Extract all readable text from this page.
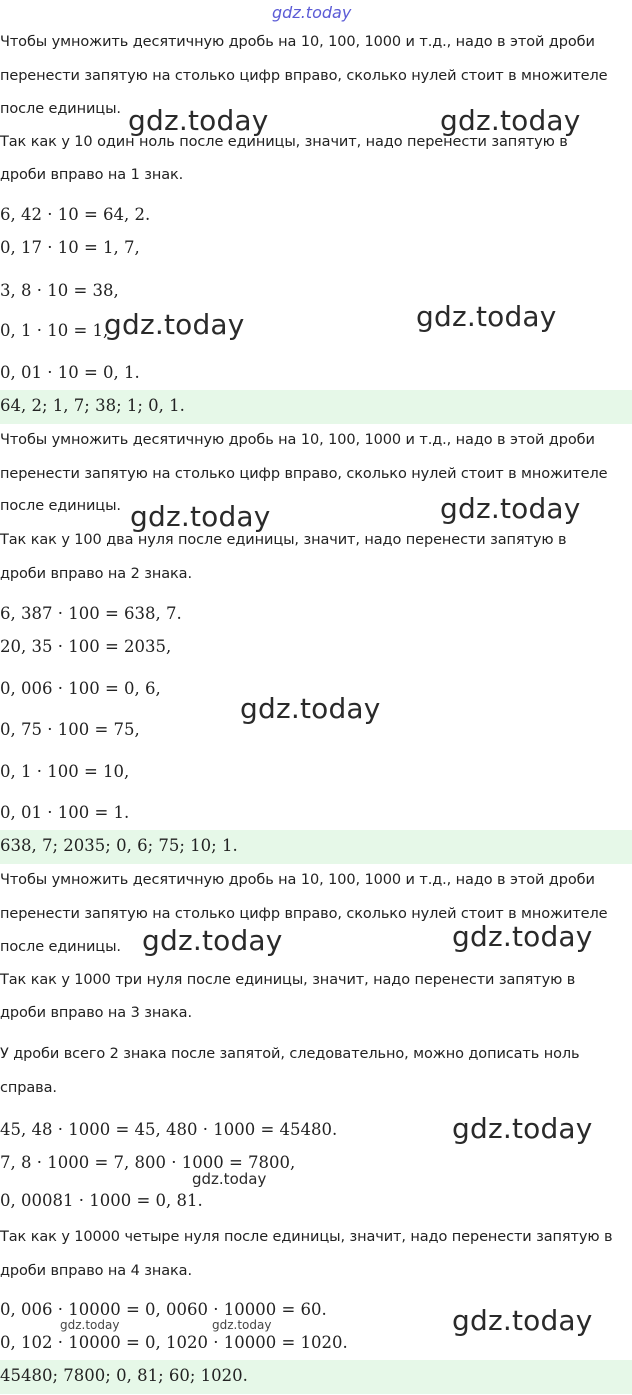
gdz.today
Чтобы умножить десятичную дробь на 10, 100, 1000 и т.д., надо в этой дроби
перенести запятую на столько цифр вправо, сколько нулей стоит в множителе
после единицы.
Так как у 10 один ноль после единицы, значит, надо перенести запятую в
дроби вправо на 1 знак.
6, 42 · 10 = 64, 2.
0, 17 · 10 = 1, 7,
3, 8 · 10 = 38,
0, 1 · 10 = 1,
0, 01 · 10 = 0, 1.
64, 2; 1, 7; 38; 1; 0, 1.
Чтобы умножить десятичную дробь на 10, 100, 1000 и т.д., надо в этой дроби
перенести запятую на столько цифр вправо, сколько нулей стоит в множителе
после единицы.
Так как у 100 два нуля после единицы, значит, надо перенести запятую в
дроби вправо на 2 знака.
6, 387 · 100 = 638, 7.
20, 35 · 100 = 2035,
0, 006 · 100 = 0, 6,
0, 75 · 100 = 75,
0, 1 · 100 = 10,
0, 01 · 100 = 1.
638, 7; 2035; 0, 6; 75; 10; 1.
Чтобы умножить десятичную дробь на 10, 100, 1000 и т.д., надо в этой дроби
перенести запятую на столько цифр вправо, сколько нулей стоит в множителе
после единицы.
Так как у 1000 три нуля после единицы, значит, надо перенести запятую в
дроби вправо на 3 знака.
У дроби всего 2 знака после запятой, следовательно, можно дописать ноль
справа.
45, 48 · 1000 = 45, 480 · 1000 = 45480.
7, 8 · 1000 = 7, 800 · 1000 = 7800,
0, 00081 · 1000 = 0, 81.
Так как у 10000 четыре нуля после единицы, значит, надо перенести запятую в
дроби вправо на 4 знака.
0, 006 · 10000 = 0, 0060 · 10000 = 60.
0, 102 · 10000 = 0, 1020 · 10000 = 1020.
45480; 7800; 0, 81; 60; 1020.
gdz.today	gdz.today
gdz.today	gdz.today
gdz.today	gdz.today
gdz.today
gdz.today	gdz.today
gdz.today
gdz.today
gdz.today
gdz.today	gdz.today
